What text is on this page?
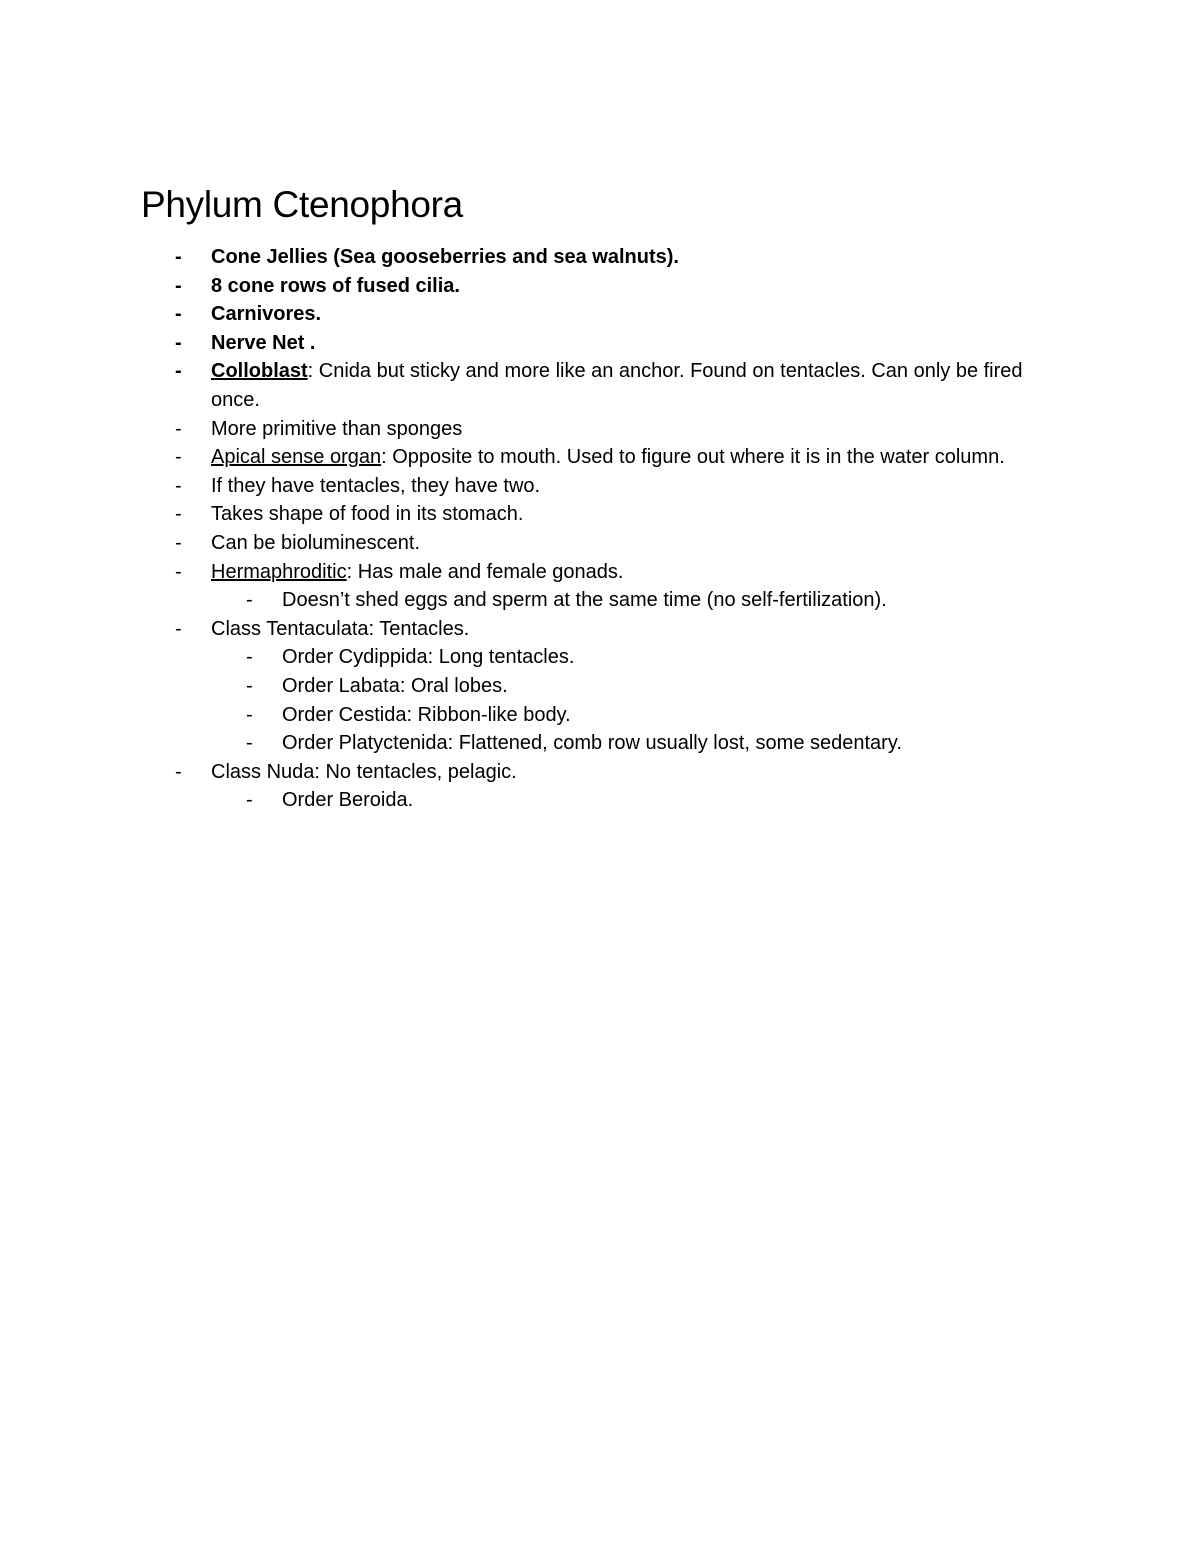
Phylum Ctenophora
- Cone Jellies (Sea gooseberries and sea walnuts).
- 8 cone rows of fused cilia.
- Carnivores.
- Nerve Net .
- Colloblast: Cnida but sticky and more like an anchor. Found on tentacles. Can only be fired once.
- More primitive than sponges
- Apical sense organ: Opposite to mouth. Used to figure out where it is in the water column.
- If they have tentacles, they have two.
- Takes shape of food in its stomach.
- Can be bioluminescent.
- Hermaphroditic: Has male and female gonads.
- Doesn’t shed eggs and sperm at the same time (no self-fertilization).
- Class Tentaculata: Tentacles.
- Order Cydippida: Long tentacles.
- Order Labata: Oral lobes.
- Order Cestida: Ribbon-like body.
- Order Platyctenida: Flattened, comb row usually lost, some sedentary.
- Class Nuda: No tentacles, pelagic.
- Order Beroida.
